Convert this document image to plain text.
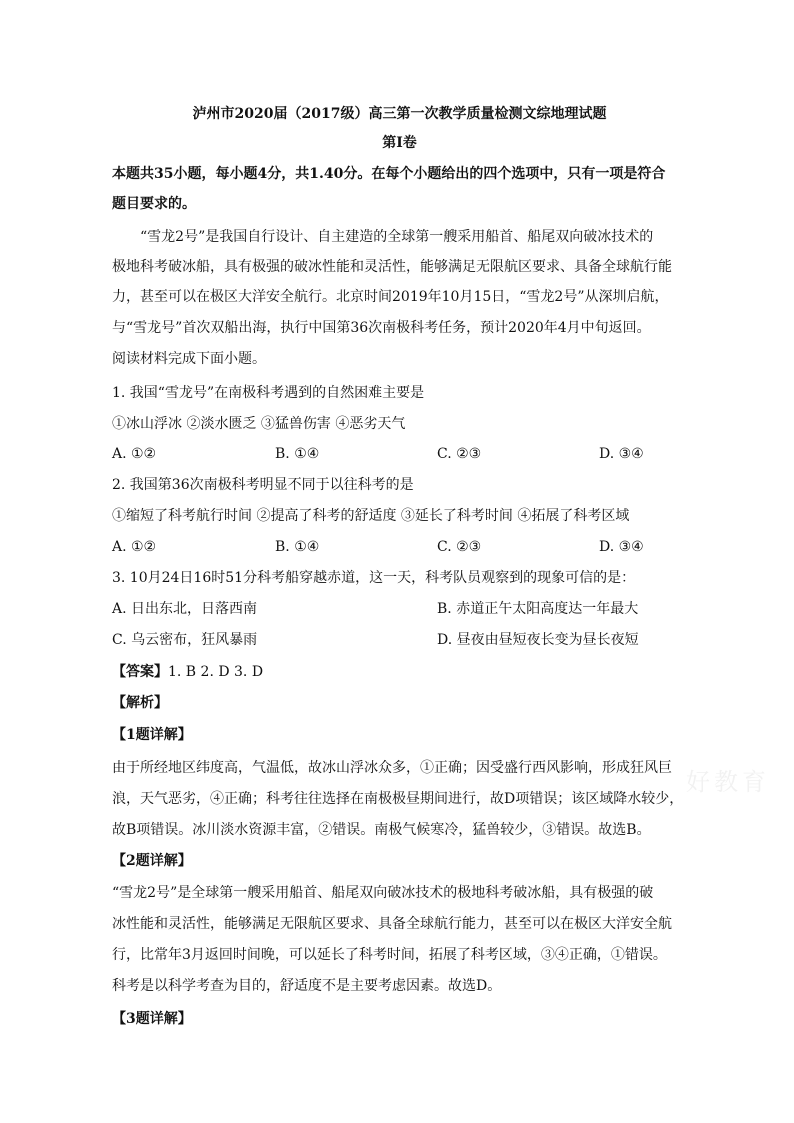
泸州市2020届（2017级）高三第一次教学质量检测文综地理试题
第Ⅰ卷
本题共35小题，每小题4分，共1.40分。在每个小题给出的四个选项中，只有一项是符合
题目要求的。
“雪龙2号”是我国自行设计、自主建造的全球第一艘采用船首、船尾双向破冰技术的
极地科考破冰船，具有极强的破冰性能和灵活性，能够满足无限航区要求、具备全球航行能
力，甚至可以在极区大洋安全航行。北京时间2019年10月15日，“雪龙2号”从深圳启航，
与“雪龙号”首次双船出海，执行中国第36次南极科考任务，预计2020年4月中旬返回。
阅读材料完成下面小题。
1. 我国“雪龙号”在南极科考遇到的自然困难主要是
①冰山浮冰 ②淡水匮乏 ③猛兽伤害 ④恶劣天气
A. ①②	B. ①④	C. ②③	D. ③④
2. 我国第36次南极科考明显不同于以往科考的是
①缩短了科考航行时间 ②提高了科考的舒适度 ③延长了科考时间 ④拓展了科考区域
A. ①②	B. ①④	C. ②③	D. ③④
3. 10月24日16时51分科考船穿越赤道，这一天，科考队员观察到的现象可信的是：
A. 日出东北，日落西南	B. 赤道正午太阳高度达一年最大
C. 乌云密布，狂风暴雨	D. 昼夜由昼短夜长变为昼长夜短
【答案】1. B 2. D 3. D
【解析】
【1题详解】
由于所经地区纬度高，气温低，故冰山浮冰众多，①正确；因受盛行西风影响，形成狂风巨
浪，天气恶劣，④正确；科考往往选择在南极极昼期间进行，故D项错误；该区域降水较少，
故B项错误。冰川淡水资源丰富，②错误。南极气候寒冷，猛兽较少，③错误。故选B。
【2题详解】
“雪龙2号”是全球第一艘采用船首、船尾双向破冰技术的极地科考破冰船，具有极强的破
冰性能和灵活性，能够满足无限航区要求、具备全球航行能力，甚至可以在极区大洋安全航
行，比常年3月返回时间晚，可以延长了科考时间，拓展了科考区域，③④正确，①错误。
科考是以科学考查为目的，舒适度不是主要考虑因素。故选D。
【3题详解】
好教育
